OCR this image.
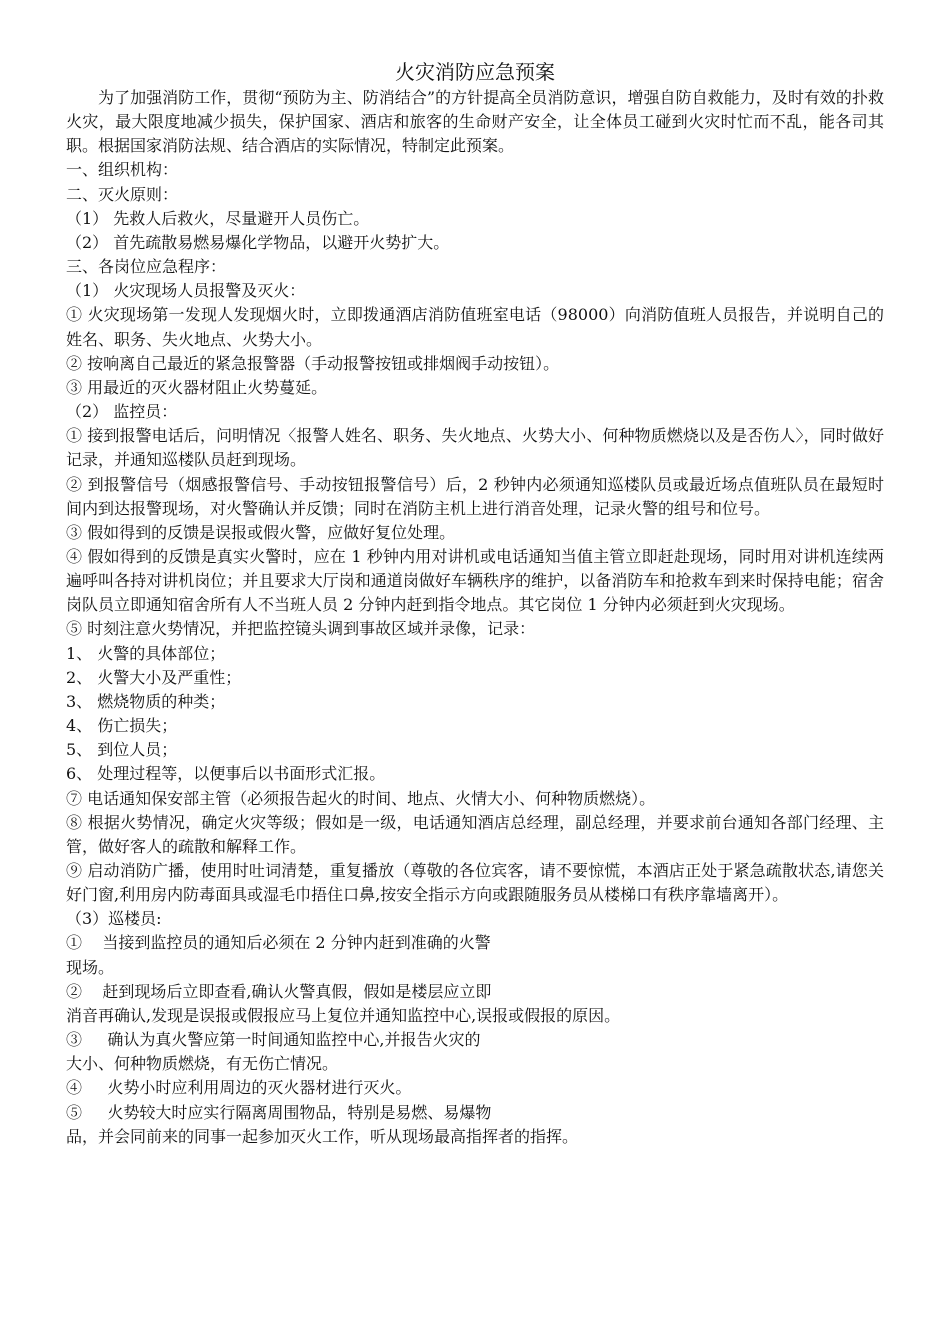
火灾消防应急预案

为了加强消防工作，贯彻“预防为主、防消结合”的方针提高全员消防意识，增强自防自救能力，及时有效的扑救火灾，最大限度地减少损失，保护国家、酒店和旅客的生命财产安全，让全体员工碰到火灾时忙而不乱，能各司其职。根据国家消防法规、结合酒店的实际情况，特制定此预案。

一、组织机构：

二、灭火原则：

（1） 先救人后救火，尽量避开人员伤亡。

（2） 首先疏散易燃易爆化学物品，以避开火势扩大。

三、各岗位应急程序：

（1） 火灾现场人员报警及灭火：

① 火灾现场第一发现人发现烟火时，立即拨通酒店消防值班室电话（98000）向消防值班人员报告，并说明自己的姓名、职务、失火地点、火势大小。

② 按响离自己最近的紧急报警器（手动报警按钮或排烟阀手动按钮）。

③ 用最近的灭火器材阻止火势蔓延。

（2） 监控员：

① 接到报警电话后，问明情况〈报警人姓名、职务、失火地点、火势大小、何种物质燃烧以及是否伤人〉，同时做好记录，并通知巡楼队员赶到现场。

② 到报警信号（烟感报警信号、手动按钮报警信号）后，2 秒钟内必须通知巡楼队员或最近场点值班队员在最短时间内到达报警现场，对火警确认并反馈；同时在消防主机上进行消音处理，记录火警的组号和位号。

③ 假如得到的反馈是误报或假火警，应做好复位处理。

④ 假如得到的反馈是真实火警时，应在 1 秒钟内用对讲机或电话通知当值主管立即赶赴现场，同时用对讲机连续两遍呼叫各持对讲机岗位；并且要求大厅岗和通道岗做好车辆秩序的维护，以备消防车和抢救车到来时保持电能；宿舍岗队员立即通知宿舍所有人不当班人员 2 分钟内赶到指令地点。其它岗位 1 分钟内必须赶到火灾现场。

⑤ 时刻注意火势情况，并把监控镜头调到事故区域并录像，记录：

1、 火警的具体部位；

2、 火警大小及严重性；

3、 燃烧物质的种类；

4、 伤亡损失；

5、 到位人员；

6、 处理过程等，以便事后以书面形式汇报。

⑦ 电话通知保安部主管（必须报告起火的时间、地点、火情大小、何种物质燃烧）。

⑧ 根据火势情况，确定火灾等级；假如是一级，电话通知酒店总经理，副总经理，并要求前台通知各部门经理、主管，做好客人的疏散和解释工作。

⑨ 启动消防广播，使用时吐词清楚，重复播放（尊敬的各位宾客，请不要惊慌，本酒店正处于紧急疏散状态,请您关好门窗,利用房内防毒面具或湿毛巾捂住口鼻,按安全指示方向或跟随服务员从楼梯口有秩序靠墙离开）。

（3）巡楼员:

①    当接到监控员的通知后必须在 2 分钟内赶到准确的火警

现场。

②    赶到现场后立即查看,确认火警真假，假如是楼层应立即

消音再确认,发现是误报或假报应马上复位并通知监控中心,误报或假报的原因。

③     确认为真火警应第一时间通知监控中心,并报告火灾的

大小、何种物质燃烧，有无伤亡情况。

④     火势小时应利用周边的灭火器材进行灭火。

⑤     火势较大时应实行隔离周围物品，特别是易燃、易爆物

品，并会同前来的同事一起参加灭火工作，听从现场最高指挥者的指挥。
